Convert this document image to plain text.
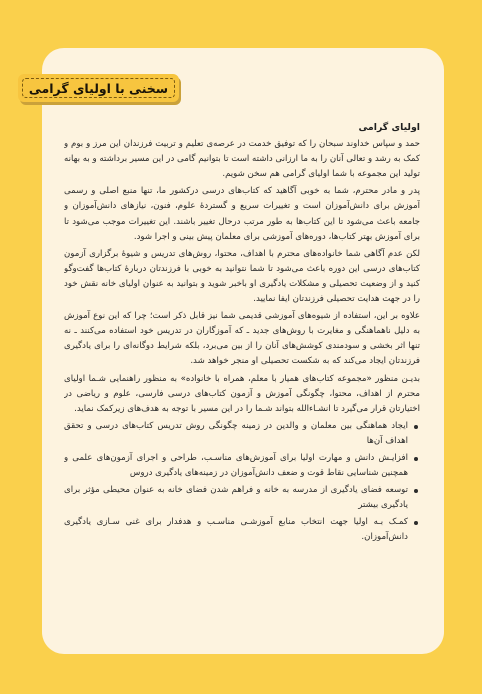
سخنی با اولیای گرامی

اولیای گرامی

حمد و سپاس خداوند سبحان را که توفیق خدمت در عرصه‌ی تعلیم و تربیت فرزندان این مرز و بوم و کمک به رشد و تعالی آنان را به ما ارزانی داشته است تا بتوانیم گامی در این مسیر برداشته و به بهانه‌ تولید این مجموعه با شما اولیای گرامی هم سخن شویم.

پدر و مادر محترم، شما به خوبی آگاهید که کتاب‌های درسی درکشور ما، تنها منبع اصلی و رسمی آموزش برای دانش‌آموزان است و تغییرات سریع و گستردهٔ علوم، فنون، نیازهای دانش‌آموزان و جامعه باعث می‌شود تا این کتاب‌ها به طور مرتب درحال تغییر باشند. این تغییرات موجب می‌شود تا برای آموزش بهتر کتاب‌ها، دوره‌های آموزشی برای معلمان پیش بینی و اجرا شود.

لکن عدم آگاهی شما خانواده‌های محترم با اهداف، محتوا، روش‌های تدریس و شیوهٔ برگزاری آزمون کتاب‌های درسی این دوره باعث می‌شود تا شما نتوانید به خوبی با فرزندتان دربارهٔ کتاب‌ها گفت‌وگو کنید و از وضعیت تحصیلی و مشکلات یادگیری او باخبر شوید و بتوانید به عنوان اولیای خانه نقش خود را در جهت هدایت تحصیلی فرزندتان ایفا نمایید.

علاوه بر این، استفاده از شیوه‌های آموزشی قدیمی شما نیز قابل ذکر است؛ چرا که این نوع آموزش به دلیل ناهماهنگی و مغایرت با روش‌های جدید ـ که آموزگاران در تدریس خود استفاده می‌کنند ـ نه تنها اثر بخشی و سودمندی کوشش‌های آنان را از بین می‌برد، بلکه شرایط دوگانه‌ای را برای یادگیری فرزندتان ایجاد می‌کند که به شکست تحصیلی او منجر خواهد شد.

بدیـن منظور «مجموعه کتاب‌های همیار با معلم، همراه با خانواده» به منظور راهنمایی شـما اولیای محترم از اهداف، محتوا، چگونگی آموزش و آزمون کتاب‌های درسی فارسی، علوم و ریاضی در اختیارتان قرار می‌گیرد تا انشـاءالله بتواند شـما را در این مسیر با توجه به هدف‌های زیرکمک نماید.

ایجاد هماهنگی بین معلمان و والدین در زمینه چگونگی روش تدریس کتاب‌های درسی و تحقق اهداف آن‌ها
افزایـش دانش و مهارت اولیا برای آموزش‌های مناسـب، طراحی و اجرای آزمون‌های علمی و همچنین شناسایی نقاط قوت و ضعف دانش‌آموزان در زمینه‌های یادگیری دروس
توسعه فضای یادگیری از مدرسه به خانه و فراهم شدن فضای خانه به عنوان محیطی مؤثر برای یادگیری بیشتر
کمـک بـه اولیا جهت انتخاب منابع آموزشـی مناسـب و هدفدار برای غنی سـازی یادگیری دانش‌آموزان.
